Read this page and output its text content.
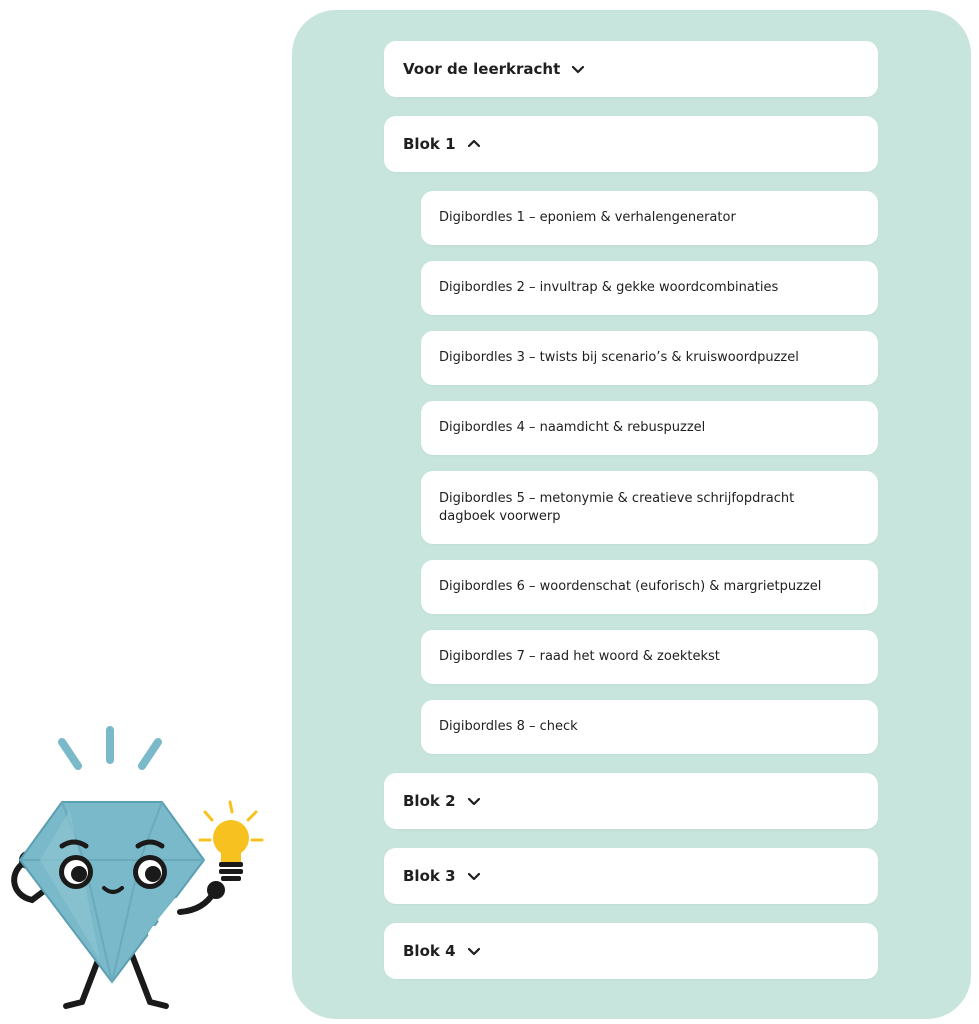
Voor de leerkracht
Blok 1
Digibordles 1 – eponiem & verhalengenerator
Digibordles 2 – invultrap & gekke woordcombinaties
Digibordles 3 – twists bij scenario’s & kruiswoordpuzzel
Digibordles 4 – naamdicht & rebuspuzzel
Digibordles 5 – metonymie & creatieve schrijfopdracht dagboek voorwerp
Digibordles 6 – woordenschat (euforisch) & margrietpuzzel
Digibordles 7 – raad het woord & zoektekst
Digibordles 8 – check
Blok 2
Blok 3
Blok 4
